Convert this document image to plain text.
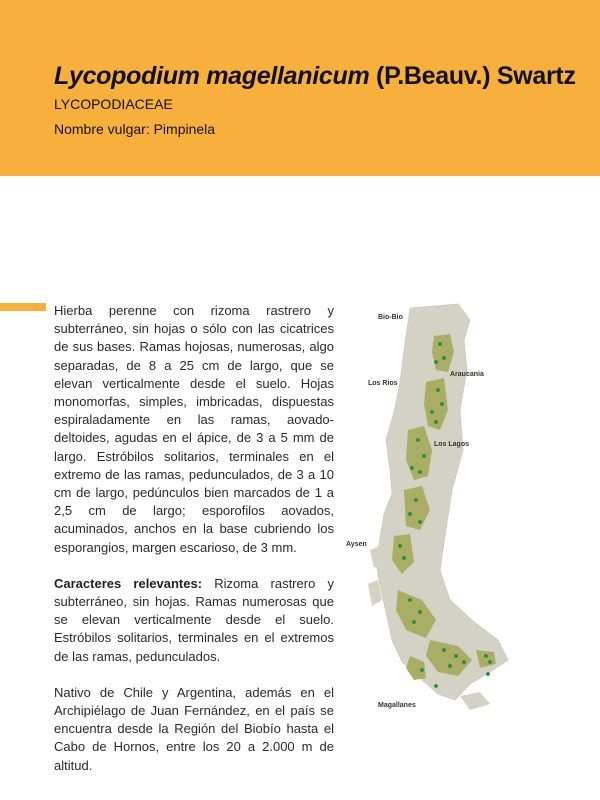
Lycopodium magellanicum (P.Beauv.) Swartz
LYCOPODIACEAE
Nombre vulgar: Pimpinela

Hierba perenne con rizoma rastrero y subterráneo, sin hojas o sólo con las cicatrices de sus bases. Ramas hojosas, numerosas, algo separadas, de 8 a 25 cm de largo, que se elevan verticalmente desde el suelo. Hojas monomorfas, simples, imbricadas, dispuestas espiraladamente en las ramas, aovado-deltoides, agudas en el ápice, de 3 a 5 mm de largo. Estróbilos solitarios, terminales en el extremo de las ramas, pedunculados, de 3 a 10 cm de largo, pedúnculos bien marcados de 1 a 2,5 cm de largo; esporofilos aovados, acuminados, anchos en la base cubriendo los esporangios, margen escarioso, de 3 mm.

Caracteres relevantes: Rizoma rastrero y subterráneo, sin hojas. Ramas numerosas que se elevan verticalmente desde el suelo. Estróbilos solitarios, terminales en el extremos de las ramas, pedunculados.

Nativo de Chile y Argentina, además en el Archipiélago de Juan Fernández, en el país se encuentra desde la Región del Biobío hasta el Cabo de Hornos, entre los 20 a 2.000 m de altitud.

Bio-Bio
Araucania
Los Rios
Los Lagos
Aysen
Magallanes
